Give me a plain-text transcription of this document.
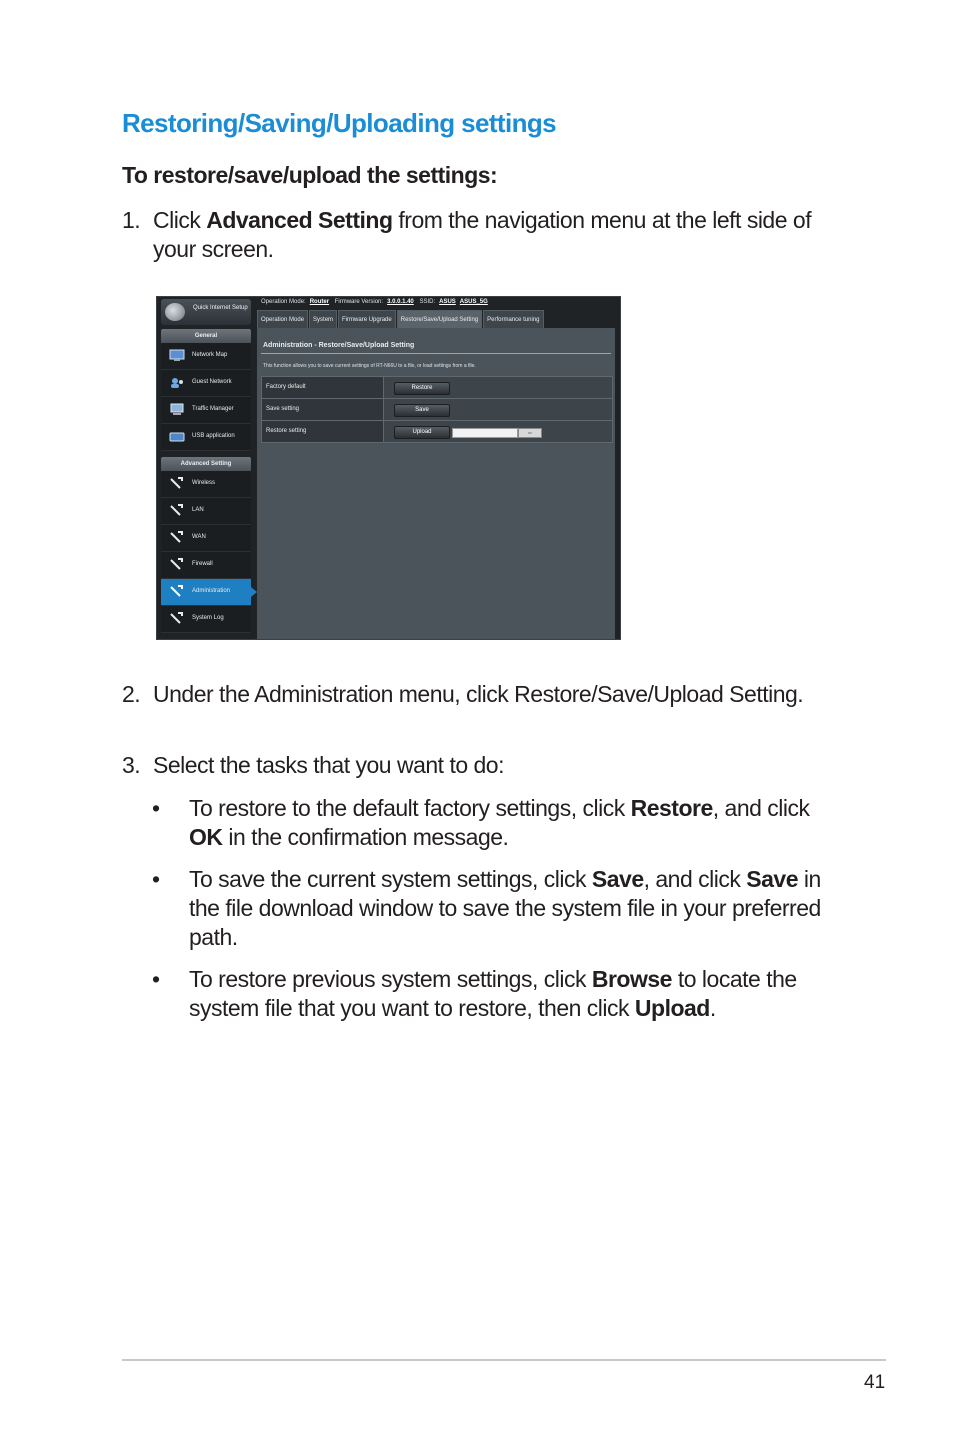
Restoring/Saving/Uploading settings
To restore/save/upload the settings:
1. Click Advanced Setting from the navigation menu at the left side of your screen.
Quick Internet Setup
Operation Mode: Router Firmware Version: 3.0.0.1.40 SSID: ASUS ASUS_5G
Operation Mode	System	Firmware Upgrade	Restore/Save/Upload Setting	Performance tuning
General
Network Map
Guest Network
Traffic Manager
USB application
Advanced Setting
Wireless
LAN
WAN
Firewall
Administration
System Log
Administration - Restore/Save/Upload Setting
This function allows you to save current settings of RT-N66U to a file, or load settings from a file.
Factory default	Restore
Save setting	Save
Restore setting	Upload	▭
2. Under the Administration menu, click Restore/Save/Upload Setting.
3. Select the tasks that you want to do:
• To restore to the default factory settings, click Restore, and click OK in the confirmation message.
• To save the current system settings, click Save, and click Save in the file download window to save the system file in your preferred path.
• To restore previous system settings, click Browse to locate the system file that you want to restore, then click Upload.
41
